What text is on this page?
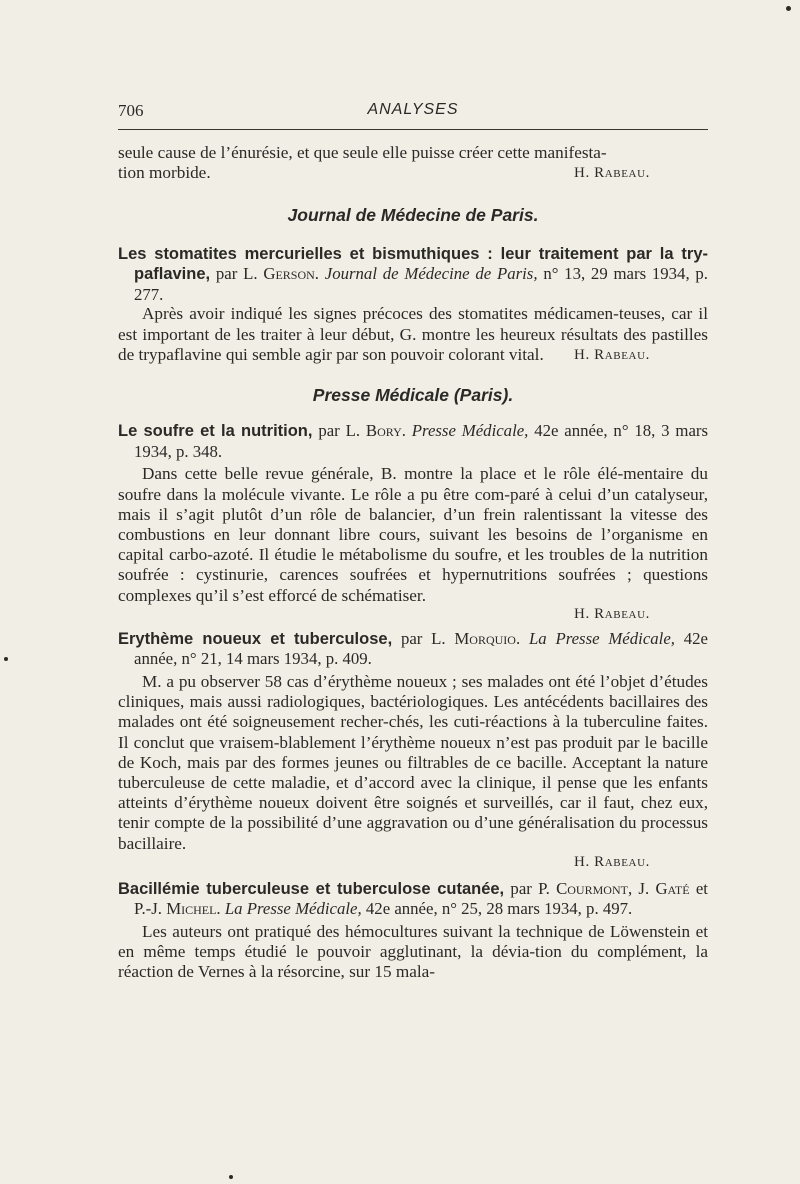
706	ANALYSES

seule cause de l’énurésie, et que seule elle puisse créer cette manifesta-
tion morbide.	H. Rabeau.

Journal de Médecine de Paris.

Les stomatites mercurielles et bismuthiques : leur traitement par la try-paflavine, par L. Gerson. Journal de Médecine de Paris, n° 13, 29 mars 1934, p. 277.

Après avoir indiqué les signes précoces des stomatites médicamen-teuses, car il est important de les traiter à leur début, G. montre les heureux résultats des pastilles de trypaflavine qui semble agir par son pouvoir colorant vital.	H. Rabeau.

Presse Médicale (Paris).

Le soufre et la nutrition, par L. Bory. Presse Médicale, 42e année, n° 18, 3 mars 1934, p. 348.

Dans cette belle revue générale, B. montre la place et le rôle élé-mentaire du soufre dans la molécule vivante. Le rôle a pu être com-paré à celui d’un catalyseur, mais il s’agit plutôt d’un rôle de balancier, d’un frein ralentissant la vitesse des combustions en leur donnant libre cours, suivant les besoins de l’organisme en capital carbo-azoté. Il étudie le métabolisme du soufre, et les troubles de la nutrition soufrée : cystinurie, carences soufrées et hypernutritions soufrées ; questions complexes qu’il s’est efforcé de schématiser.

H. Rabeau.

Erythème noueux et tuberculose, par L. Morquio. La Presse Médicale, 42e année, n° 21, 14 mars 1934, p. 409.

M. a pu observer 58 cas d’érythème noueux ; ses malades ont été l’objet d’études cliniques, mais aussi radiologiques, bactériologiques. Les antécédents bacillaires des malades ont été soigneusement recher-chés, les cuti-réactions à la tuberculine faites. Il conclut que vraisem-blablement l’érythème noueux n’est pas produit par le bacille de Koch, mais par des formes jeunes ou filtrables de ce bacille. Acceptant la nature tuberculeuse de cette maladie, et d’accord avec la clinique, il pense que les enfants atteints d’érythème noueux doivent être soignés et surveillés, car il faut, chez eux, tenir compte de la possibilité d’une aggravation ou d’une généralisation du processus bacillaire.

H. Rabeau.

Bacillémie tuberculeuse et tuberculose cutanée, par P. Courmont, J. Gaté et P.-J. Michel. La Presse Médicale, 42e année, n° 25, 28 mars 1934, p. 497.

Les auteurs ont pratiqué des hémocultures suivant la technique de Löwenstein et en même temps étudié le pouvoir agglutinant, la dévia-tion du complément, la réaction de Vernes à la résorcine, sur 15 mala-
